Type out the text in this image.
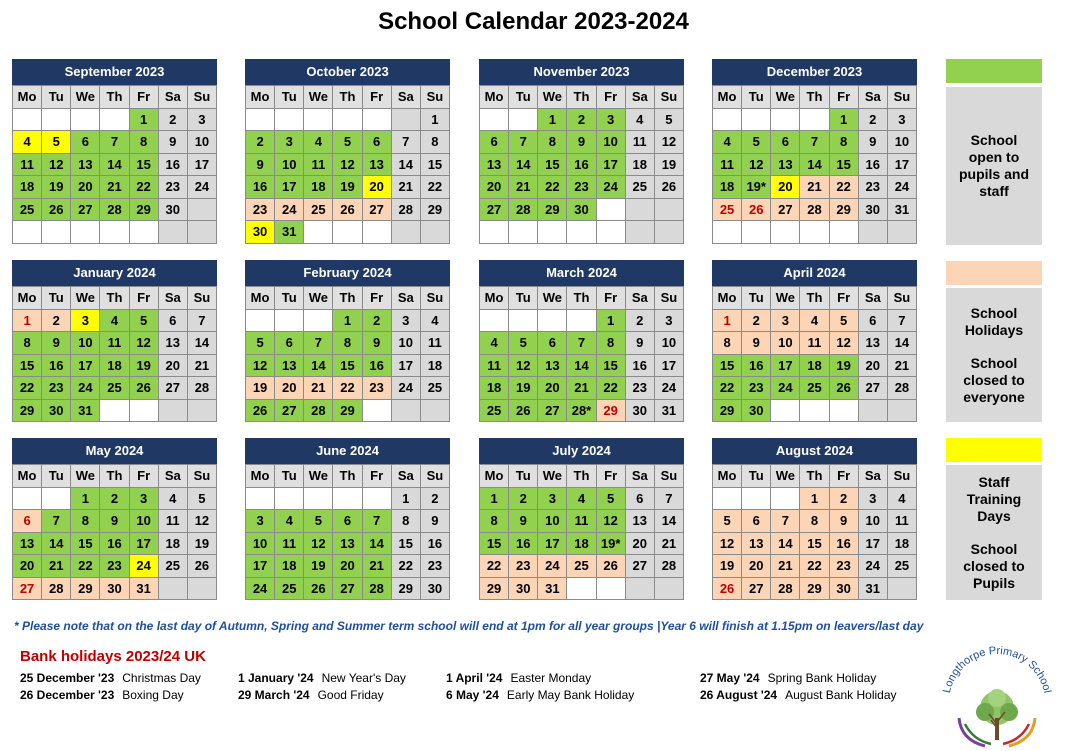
School Calendar 2023-2024
September 2023
Mo	Tu	We	Th	Fr	Sa	Su
				1	2	3
4	5	6	7	8	9	10
11	12	13	14	15	16	17
18	19	20	21	22	23	24
25	26	27	28	29	30	

October 2023
Mo	Tu	We	Th	Fr	Sa	Su
						1
2	3	4	5	6	7	8
9	10	11	12	13	14	15
16	17	18	19	20	21	22
23	24	25	26	27	28	29
30	31					
November 2023
Mo	Tu	We	Th	Fr	Sa	Su
		1	2	3	4	5
6	7	8	9	10	11	12
13	14	15	16	17	18	19
20	21	22	23	24	25	26
27	28	29	30			

December 2023
Mo	Tu	We	Th	Fr	Sa	Su
				1	2	3
4	5	6	7	8	9	10
11	12	13	14	15	16	17
18	19*	20	21	22	23	24
25	26	27	28	29	30	31

January 2024
Mo	Tu	We	Th	Fr	Sa	Su
1	2	3	4	5	6	7
8	9	10	11	12	13	14
15	16	17	18	19	20	21
22	23	24	25	26	27	28
29	30	31				
February 2024
Mo	Tu	We	Th	Fr	Sa	Su
			1	2	3	4
5	6	7	8	9	10	11
12	13	14	15	16	17	18
19	20	21	22	23	24	25
26	27	28	29			
March 2024
Mo	Tu	We	Th	Fr	Sa	Su
				1	2	3
4	5	6	7	8	9	10
11	12	13	14	15	16	17
18	19	20	21	22	23	24
25	26	27	28*	29	30	31
April 2024
Mo	Tu	We	Th	Fr	Sa	Su
1	2	3	4	5	6	7
8	9	10	11	12	13	14
15	16	17	18	19	20	21
22	23	24	25	26	27	28
29	30					
May 2024
Mo	Tu	We	Th	Fr	Sa	Su
		1	2	3	4	5
6	7	8	9	10	11	12
13	14	15	16	17	18	19
20	21	22	23	24	25	26
27	28	29	30	31		
June 2024
Mo	Tu	We	Th	Fr	Sa	Su
					1	2
3	4	5	6	7	8	9
10	11	12	13	14	15	16
17	18	19	20	21	22	23
24	25	26	27	28	29	30
July 2024
Mo	Tu	We	Th	Fr	Sa	Su
1	2	3	4	5	6	7
8	9	10	11	12	13	14
15	16	17	18	19*	20	21
22	23	24	25	26	27	28
29	30	31				
August 2024
Mo	Tu	We	Th	Fr	Sa	Su
			1	2	3	4
5	6	7	8	9	10	11
12	13	14	15	16	17	18
19	20	21	22	23	24	25
26	27	28	29	30	31	
School
open to
pupils and
staff
School
Holidays
School
closed to
everyone
Staff
Training
Days
School
closed to
Pupils
* Please note that on the last day of Autumn, Spring and Summer term school will end at 1pm for all year groups |Year 6 will finish at 1.15pm on leavers/last day
Bank holidays 2023/24 UK
25 December '23 Christmas Day
26 December '23 Boxing Day
1 January '24 New Year's Day
29 March '24 Good Friday
1 April '24 Easter Monday
6 May '24 Early May Bank Holiday
27 May '24 Spring Bank Holiday
26 August '24 August Bank Holiday	Longthorpe Primary School
